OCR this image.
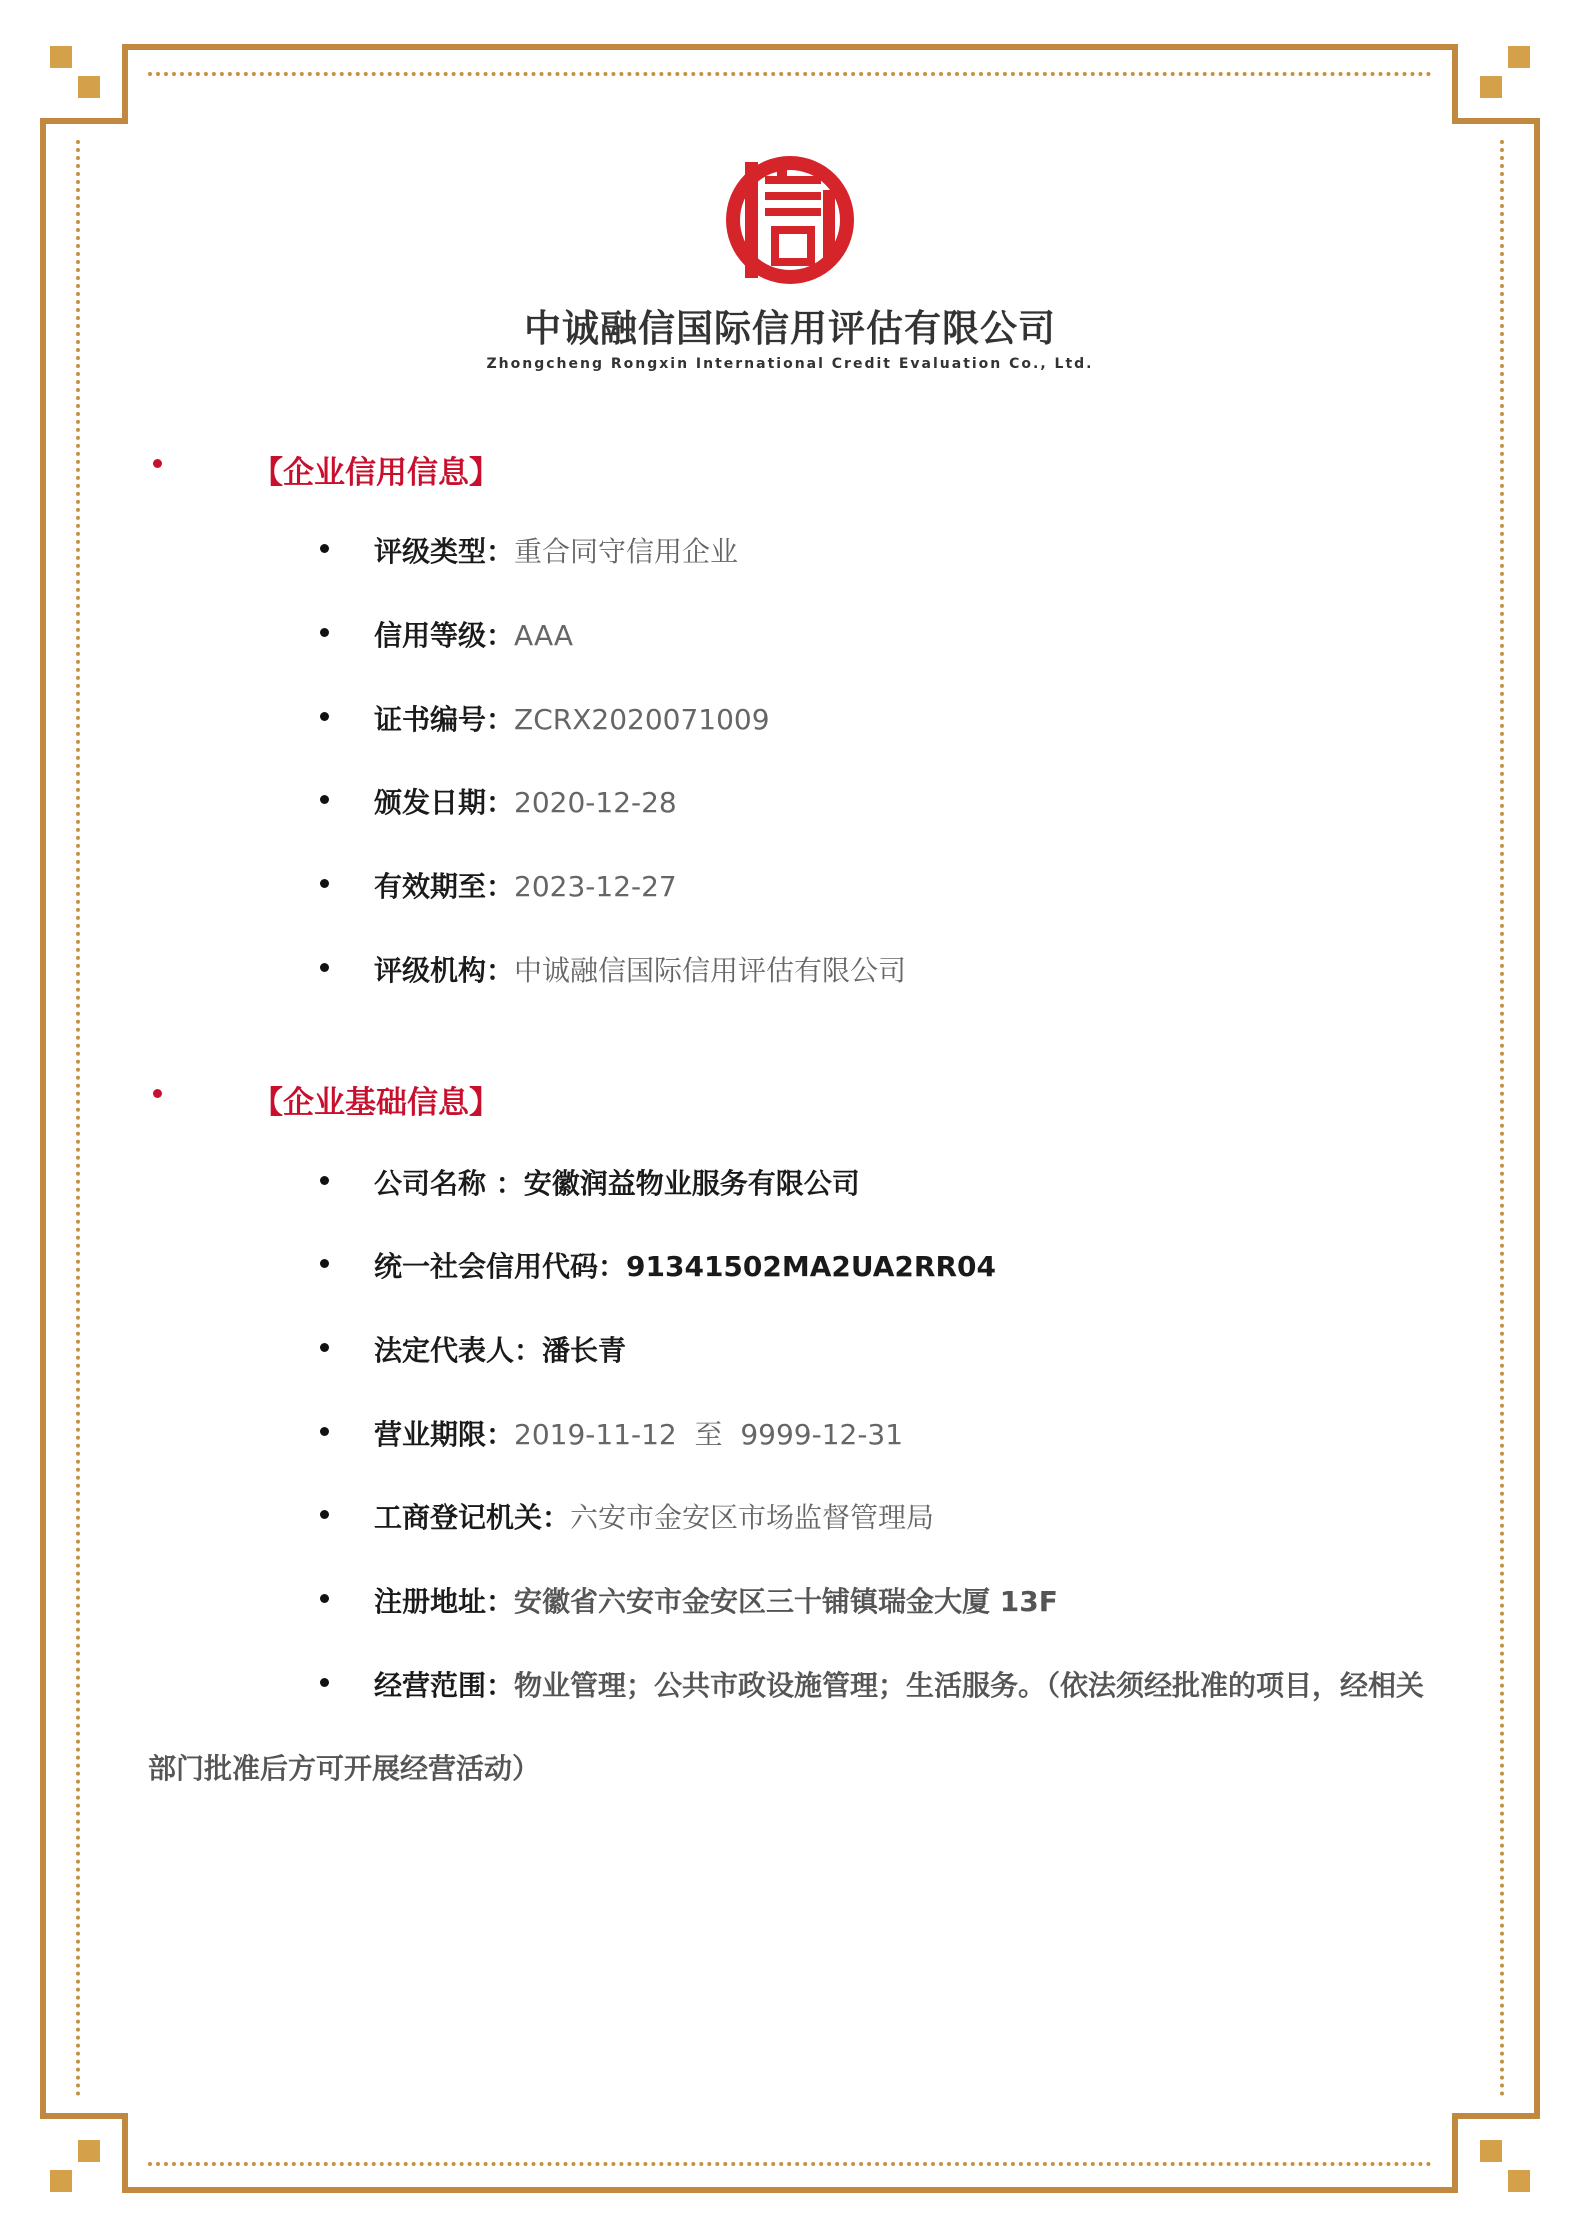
中诚融信国际信用评估有限公司
Zhongcheng Rongxin International Credit Evaluation Co., Ltd.
【企业信用信息】
评级类型：重合同守信用企业
信用等级：AAA
证书编号：ZCRX2020071009
颁发日期：2020-12-28
有效期至：2023-12-27
评级机构：中诚融信国际信用评估有限公司
【企业基础信息】
公司名称 ：安徽润益物业服务有限公司
统一社会信用代码：91341502MA2UA2RR04
法定代表人：潘长青
营业期限：2019-11-12  至  9999-12-31
工商登记机关：六安市金安区市场监督管理局
注册地址：安徽省六安市金安区三十铺镇瑞金大厦 13F
经营范围：物业管理；公共市政设施管理；生活服务。（依法须经批准的项目，经相关
部门批准后方可开展经营活动）
